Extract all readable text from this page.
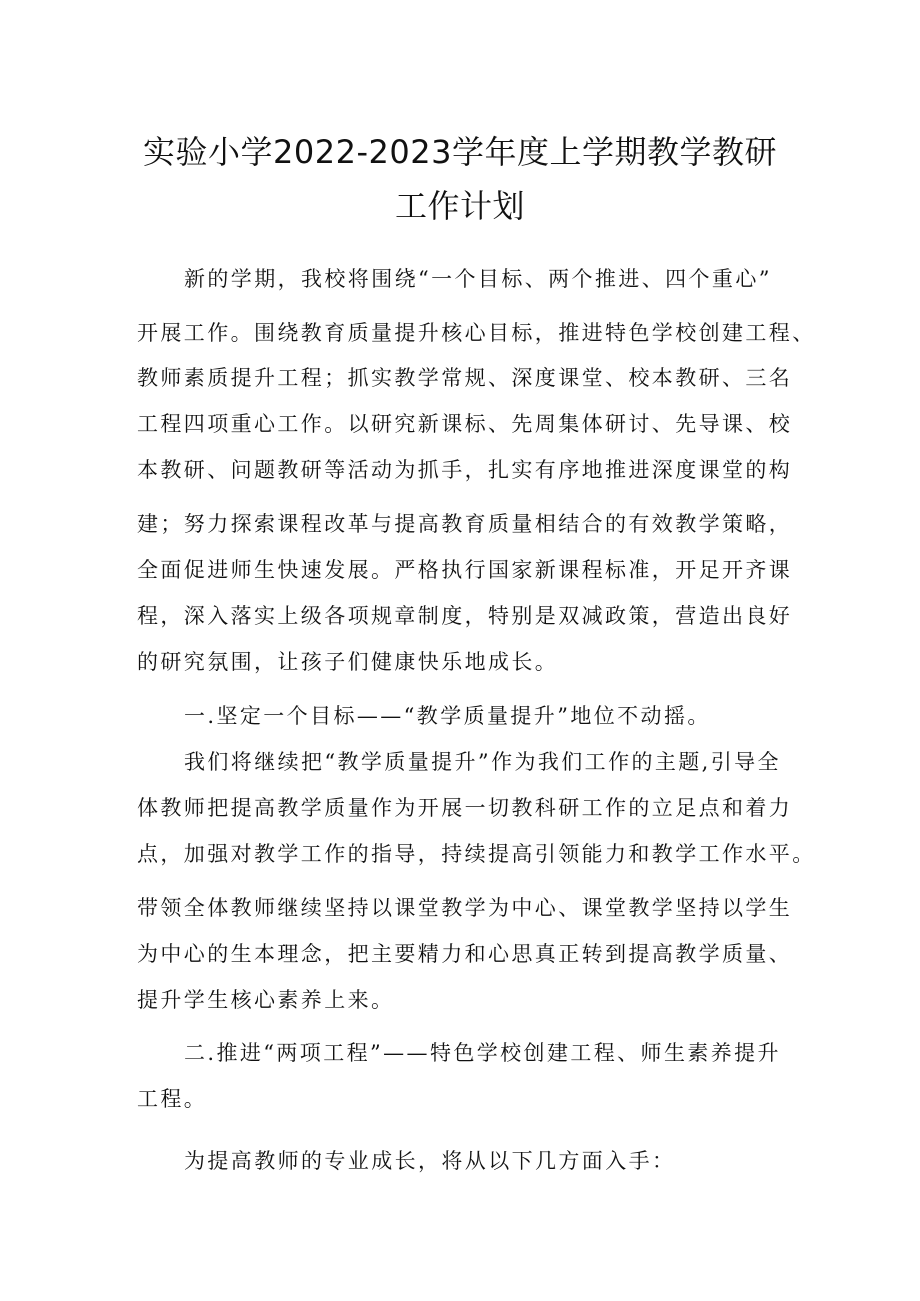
实验小学2022-2023学年度上学期教学教研
工作计划
新的学期，我校将围绕“一个目标、两个推进、四个重心”
开展工作。围绕教育质量提升核心目标，推进特色学校创建工程、
教师素质提升工程；抓实教学常规、深度课堂、校本教研、三名
工程四项重心工作。以研究新课标、先周集体研讨、先导课、校
本教研、问题教研等活动为抓手，扎实有序地推进深度课堂的构
建；努力探索课程改革与提高教育质量相结合的有效教学策略，
全面促进师生快速发展。严格执行国家新课程标准，开足开齐课
程，深入落实上级各项规章制度，特别是双减政策，营造出良好
的研究氛围，让孩子们健康快乐地成长。
一.坚定一个目标——“教学质量提升”地位不动摇。
我们将继续把“教学质量提升”作为我们工作的主题,引导全
体教师把提高教学质量作为开展一切教科研工作的立足点和着力
点，加强对教学工作的指导，持续提高引领能力和教学工作水平。
带领全体教师继续坚持以课堂教学为中心、课堂教学坚持以学生
为中心的生本理念，把主要精力和心思真正转到提高教学质量、
提升学生核心素养上来。
二.推进“两项工程”——特色学校创建工程、师生素养提升
工程。
为提高教师的专业成长，将从以下几方面入手：
